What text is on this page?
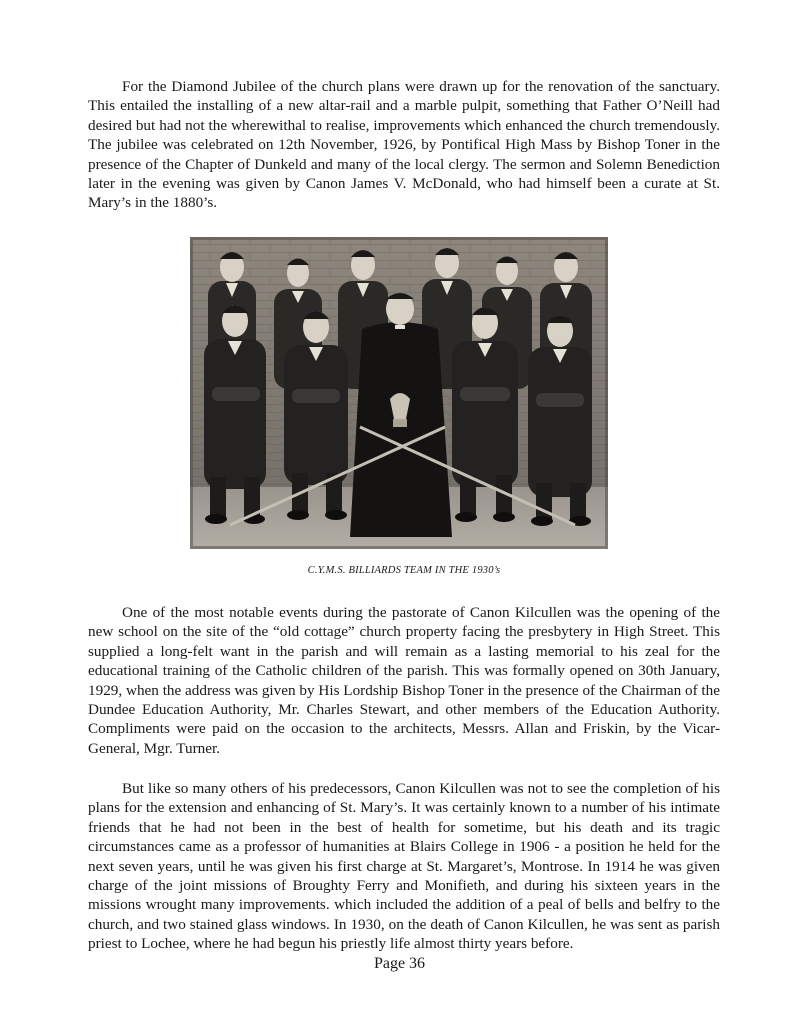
For the Diamond Jubilee of the church plans were drawn up for the renovation of the sanctuary. This entailed the installing of a new altar-rail and a marble pulpit, something that Father O’Neill had desired but had not the wherewithal to realise, improvements which enhanced the church tremendously. The jubilee was celebrated on 12th November, 1926, by Pontifical High Mass by Bishop Toner in the presence of the Chapter of Dunkeld and many of the local clergy. The sermon and Solemn Benediction later in the evening was given by Canon James V. McDonald, who had himself been a curate at St. Mary’s in the 1880’s.

C.Y.M.S. BILLIARDS TEAM IN THE 1930’s

One of the most notable events during the pastorate of Canon Kilcullen was the opening of the new school on the site of the “old cottage” church property facing the presbytery in High Street. This supplied a long-felt want in the parish and will remain as a lasting memorial to his zeal for the educational training of the Catholic children of the parish. This was formally opened on 30th January, 1929, when the address was given by His Lordship Bishop Toner in the presence of the Chairman of the Dundee Education Authority, Mr. Charles Stewart, and other members of the Education Authority. Compliments were paid on the occasion to the architects, Messrs. Allan and Friskin, by the Vicar-General, Mgr. Turner.

But like so many others of his predecessors, Canon Kilcullen was not to see the completion of his plans for the extension and enhancing of St. Mary’s. It was certainly known to a number of his intimate friends that he had not been in the best of health for sometime, but his death and its tragic circumstances came as a professor of humanities at Blairs College in 1906 - a position he held for the next seven years, until he was given his first charge at St. Margaret’s, Montrose. In 1914 he was given charge of the joint missions of Broughty Ferry and Monifieth, and during his sixteen years in the missions wrought many improvements. which included the addition of a peal of bells and belfry to the church, and two stained glass windows. In 1930, on the death of Canon Kilcullen, he was sent as parish priest to Lochee, where he had begun his priestly life almost thirty years before.

Page 36
